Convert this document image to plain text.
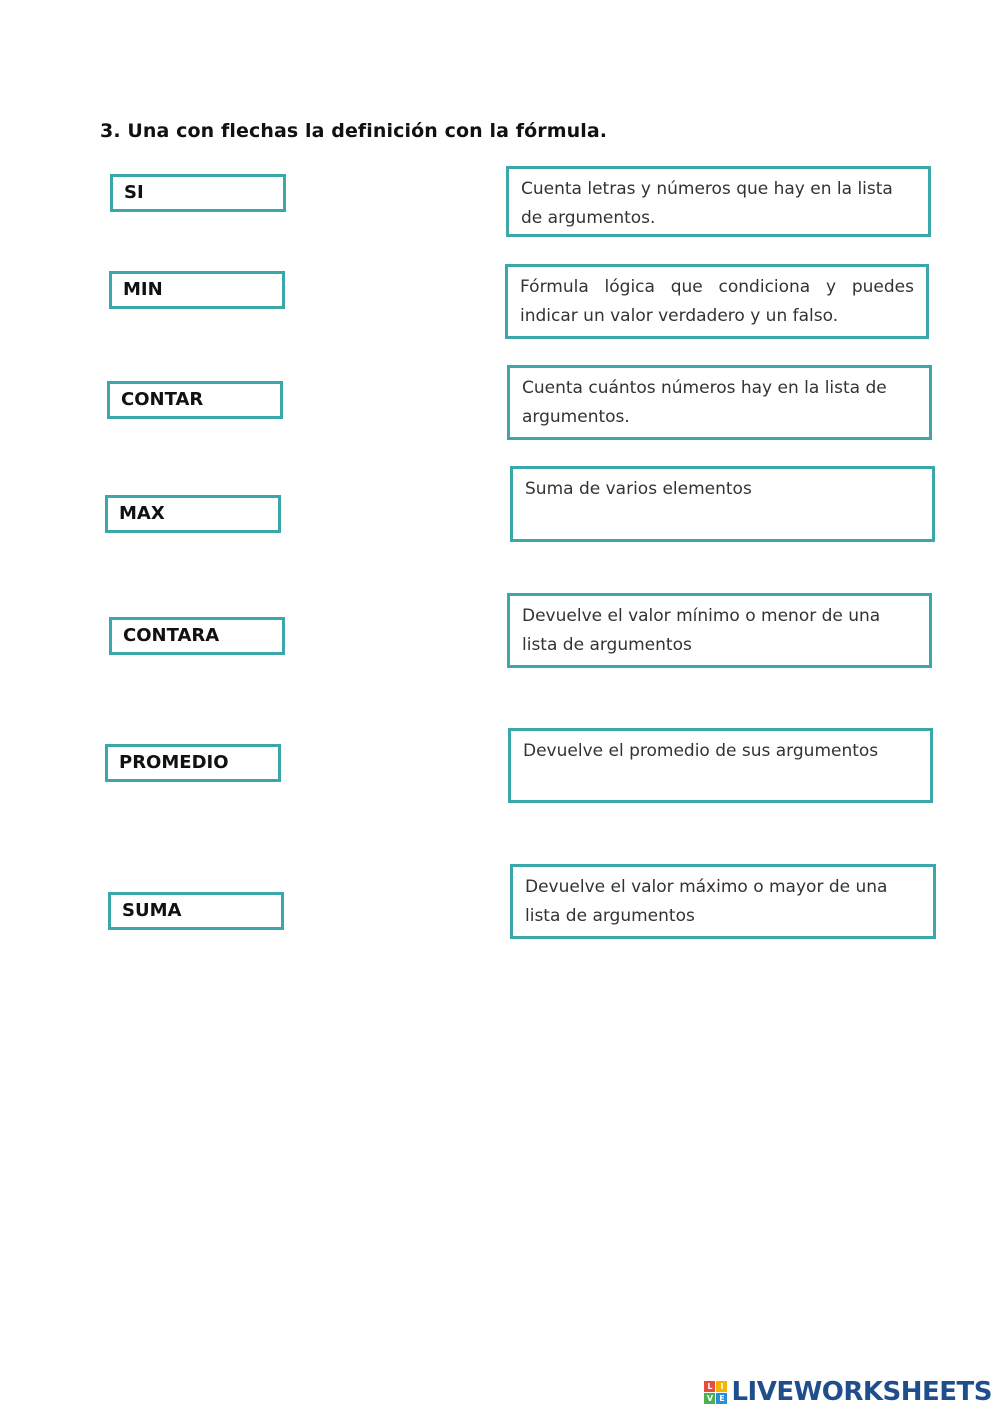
3. Una con flechas la definición con la fórmula.
SI
MIN
CONTAR
MAX
CONTARA
PROMEDIO
SUMA
Cuenta letras y números que hay en la lista de argumentos.
Fórmula lógica que condiciona y puedes indicar un valor verdadero y un falso.
Cuenta cuántos números hay en la lista de argumentos.
Suma de varios elementos
Devuelve el valor mínimo o menor de una lista de argumentos
Devuelve el promedio de sus argumentos
Devuelve el valor máximo o mayor de una lista de argumentos
L I
V E LIVEWORKSHEETS
